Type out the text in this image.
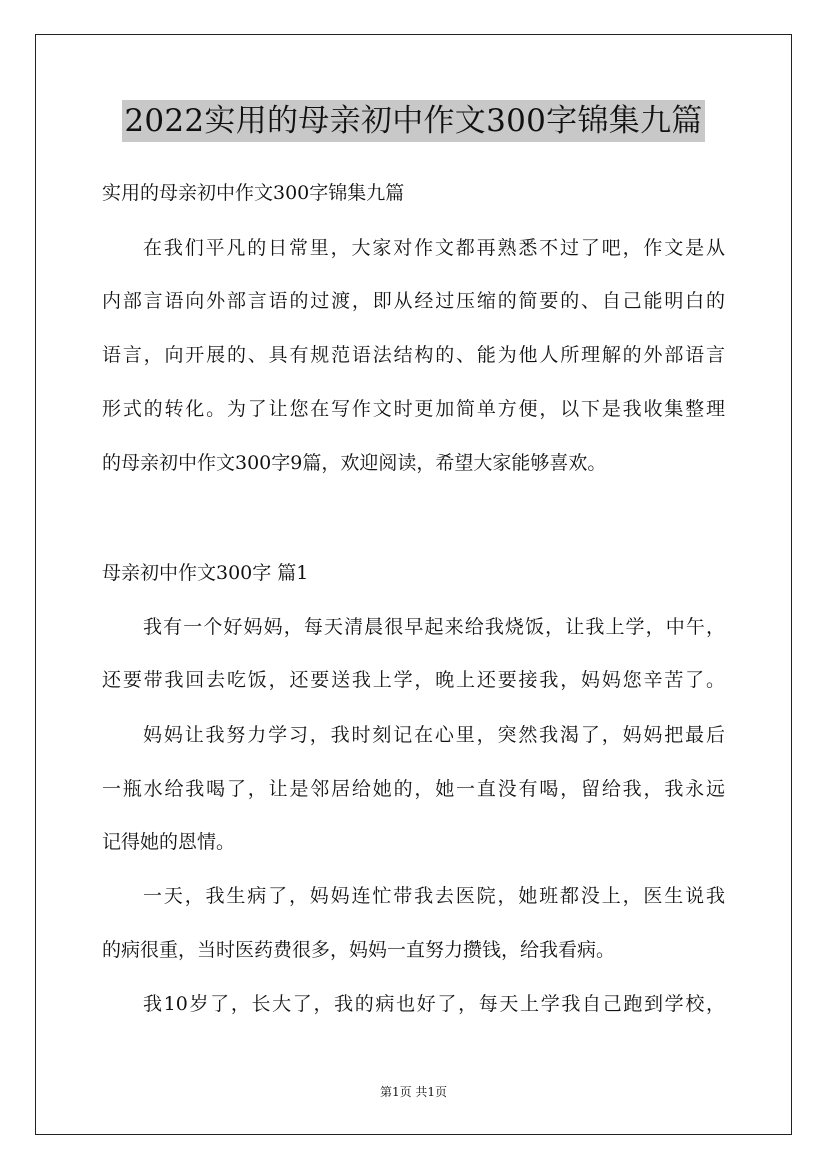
2022实用的母亲初中作文300字锦集九篇
实用的母亲初中作文300字锦集九篇
在我们平凡的日常里，大家对作文都再熟悉不过了吧，作文是从
内部言语向外部言语的过渡，即从经过压缩的简要的、自己能明白的
语言，向开展的、具有规范语法结构的、能为他人所理解的外部语言
形式的转化。为了让您在写作文时更加简单方便，以下是我收集整理
的母亲初中作文300字9篇，欢迎阅读，希望大家能够喜欢。
母亲初中作文300字 篇1
我有一个好妈妈，每天清晨很早起来给我烧饭，让我上学，中午，
还要带我回去吃饭，还要送我上学，晚上还要接我，妈妈您辛苦了。
妈妈让我努力学习，我时刻记在心里，突然我渴了，妈妈把最后
一瓶水给我喝了，让是邻居给她的，她一直没有喝，留给我，我永远
记得她的恩情。
一天，我生病了，妈妈连忙带我去医院，她班都没上，医生说我
的病很重，当时医药费很多，妈妈一直努力攒钱，给我看病。
我10岁了，长大了，我的病也好了，每天上学我自己跑到学校，
第1页 共1页
